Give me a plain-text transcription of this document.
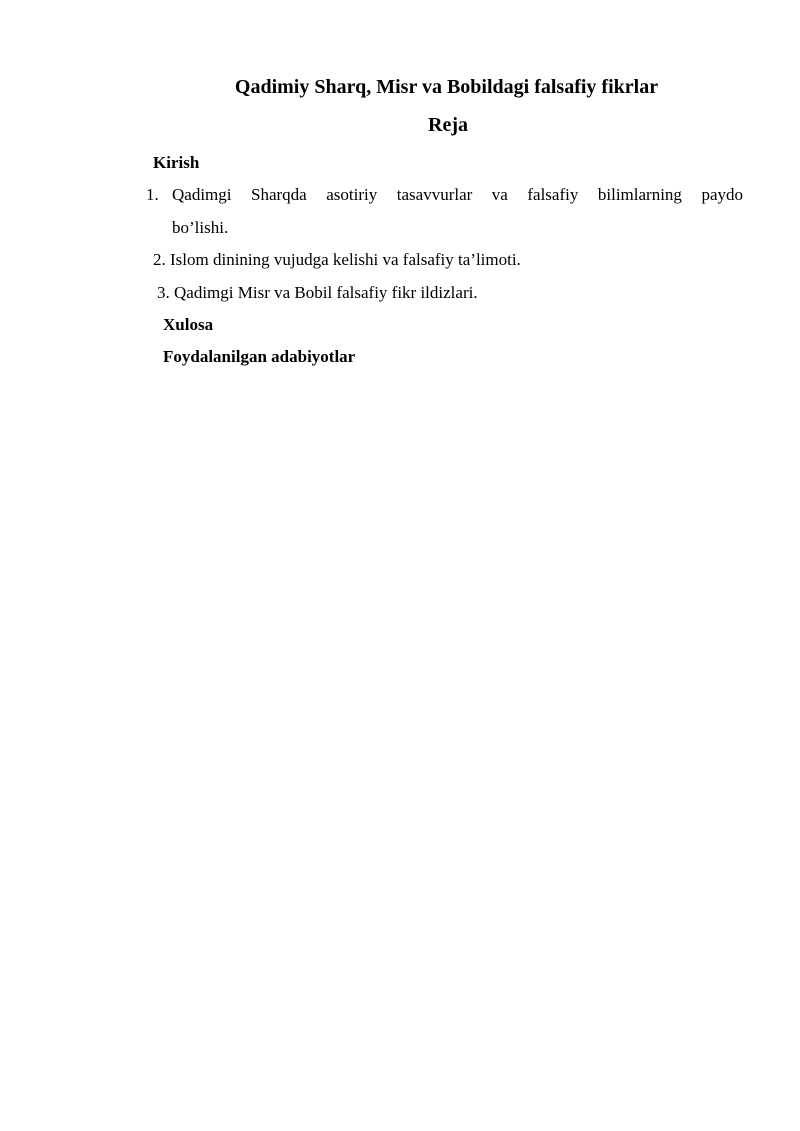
Qadimiy Sharq, Misr va Bobildagi falsafiy fikrlar
Reja
Kirish
1. Qadimgi Sharqda asotiriy tasavvurlar va falsafiy bilimlarning paydo
bo’lishi.
2. Islom dinining vujudga kelishi va falsafiy ta’limoti.
3. Qadimgi Misr va Bobil falsafiy fikr ildizlari.
Xulosa
Foydalanilgan adabiyotlar
